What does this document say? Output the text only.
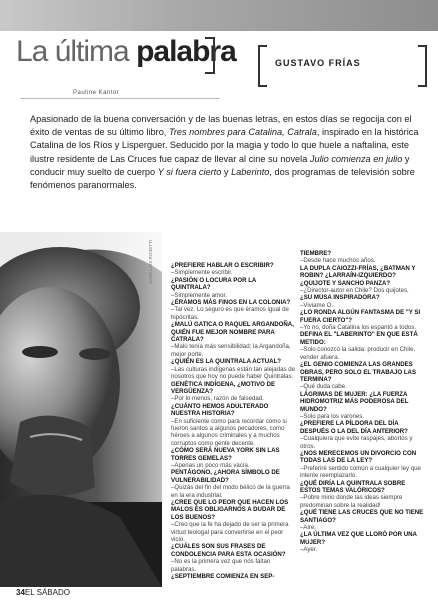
La última palabra	GUSTAVO FRÍAS
Pauline Kantor
Apasionado de la buena conversación y de las buenas letras, en estos días se regocija con el éxito de ventas de su último libro, Tres nombres para Catalina, Catrala, inspirado en la histórica Catalina de los Ríos y Lisperguer. Seducido por la magia y todo lo que huele a naftalina, este ilustre residente de Las Cruces fue capaz de llevar al cine su novela Julio comienza en julio y conducir muy suelto de cuerpo Y si fuera cierto y Laberinto, dos programas de televisión sobre fenómenos paranormales.
JOSÉ LUIS ROSETTI	¿PREFIERE HABLAR O ESCRIBIR?

–Simplemente escribir.

¿PASIÓN O LOCURA POR LA QUINTRALA?

–Simplemente amor.

¿ÉRAMOS MÁS FINOS EN LA COLONIA?

–Tal vez. Lo seguro es que éramos igual de hipócritas.

¿MALÚ GATICA O RAQUEL ARGANDOÑA, QUIÉN FUE MEJOR NOMBRE PARA CATRALA?

–Malú tenía más sensibilidad; la Argandoña, mejor porte.

¿QUIÉN ES LA QUINTRALA ACTUAL?

–Las culturas indígenas están tan alejadas de nosotros que hoy no puede haber Quintralas.

GENÉTICA INDÍGENA, ¿MOTIVO DE VERGÜENZA?

–Por lo menos, razón de falsedad.

¿CUÁNTO HEMOS ADULTERADO NUESTRA HISTORIA?

–En suficiente como para recordar como si fueron santos a algunos pecadores, como héroes a algunos criminales y a muchos corruptos como gente decente.

¿CÓMO SERÁ NUEVA YORK SIN LAS TORRES GEMELAS?

–Apenas un poco más vacía.

PENTÁGONO, ¿AHORA SÍMBOLO DE VULNERABILIDAD?

–Quizás del fin del modo bélico de la guerra en la era industrial.

¿CREE QUE LO PEOR QUE HACEN LOS MALOS ES OBLIGARNOS A DUDAR DE LOS BUENOS?

–Creo que la fe ha dejado de ser la primera virtud teologal para convertirse en el peor vicio.

¿CUÁLES SON SUS FRASES DE CONDOLENCIA PARA ESTA OCASIÓN?

–No es la primera vez que nos faltan palabras.

¿SEPTIEMBRE COMIENZA EN SEP-

TIEMBRE?

–Desde hace muchos años.

LA DUPLA CAIOZZI-FRÍAS, ¿BATMAN Y ROBIN? ¿LARRAÍN-IZQUIERDO? ¿QUIJOTE Y SANCHO PANZA?

–¿Director-autor en Chile? Dos quijotes.

¿SU MUSA INSPIRADORA?

–Viviame O.

¿LO RONDA ALGÚN FANTASMA DE "Y SI FUERA CIERTO"?

–Yo no, doña Catalina los espantó a todos.

DEFINA EL "LABERINTO" EN QUE ESTÁ METIDO:

–Solo conozco la salida: producir en Chile, vender afuera.

¿EL GENIO COMIENZA LAS GRANDES OBRAS, PERO SOLO EL TRABAJO LAS TERMINA?

–Qué duda cabe.

LÁGRIMAS DE MUJER: ¿LA FUERZA HIDROMOTRIZ MÁS PODEROSA DEL MUNDO?

–Solo para los varones.

¿PREFIERE LA PÍLDORA DEL DÍA DESPUÉS O LA DEL DÍA ANTERIOR?

–Cualquiera que evite raspajes, abortos y otros.

¿NOS MERECEMOS UN DIVORCIO CON TODAS LAS DE LA LEY?

–Preferiré sentido común a cualquier ley que intente reemplazarlo.

¿QUÉ DIRÍA LA QUINTRALA SOBRE ESTOS TEMAS VALÓRICOS?

–Pobre mirio donde las ideas siempre predominan sobre la realidad!

¿QUÉ TIENE LAS CRUCES QUE NO TIENE SANTIAGO?

–Aire.

¿LA ÚLTIMA VEZ QUE LLORÓ POR UNA MUJER?

–Ayer.

34EL SÁBADO
